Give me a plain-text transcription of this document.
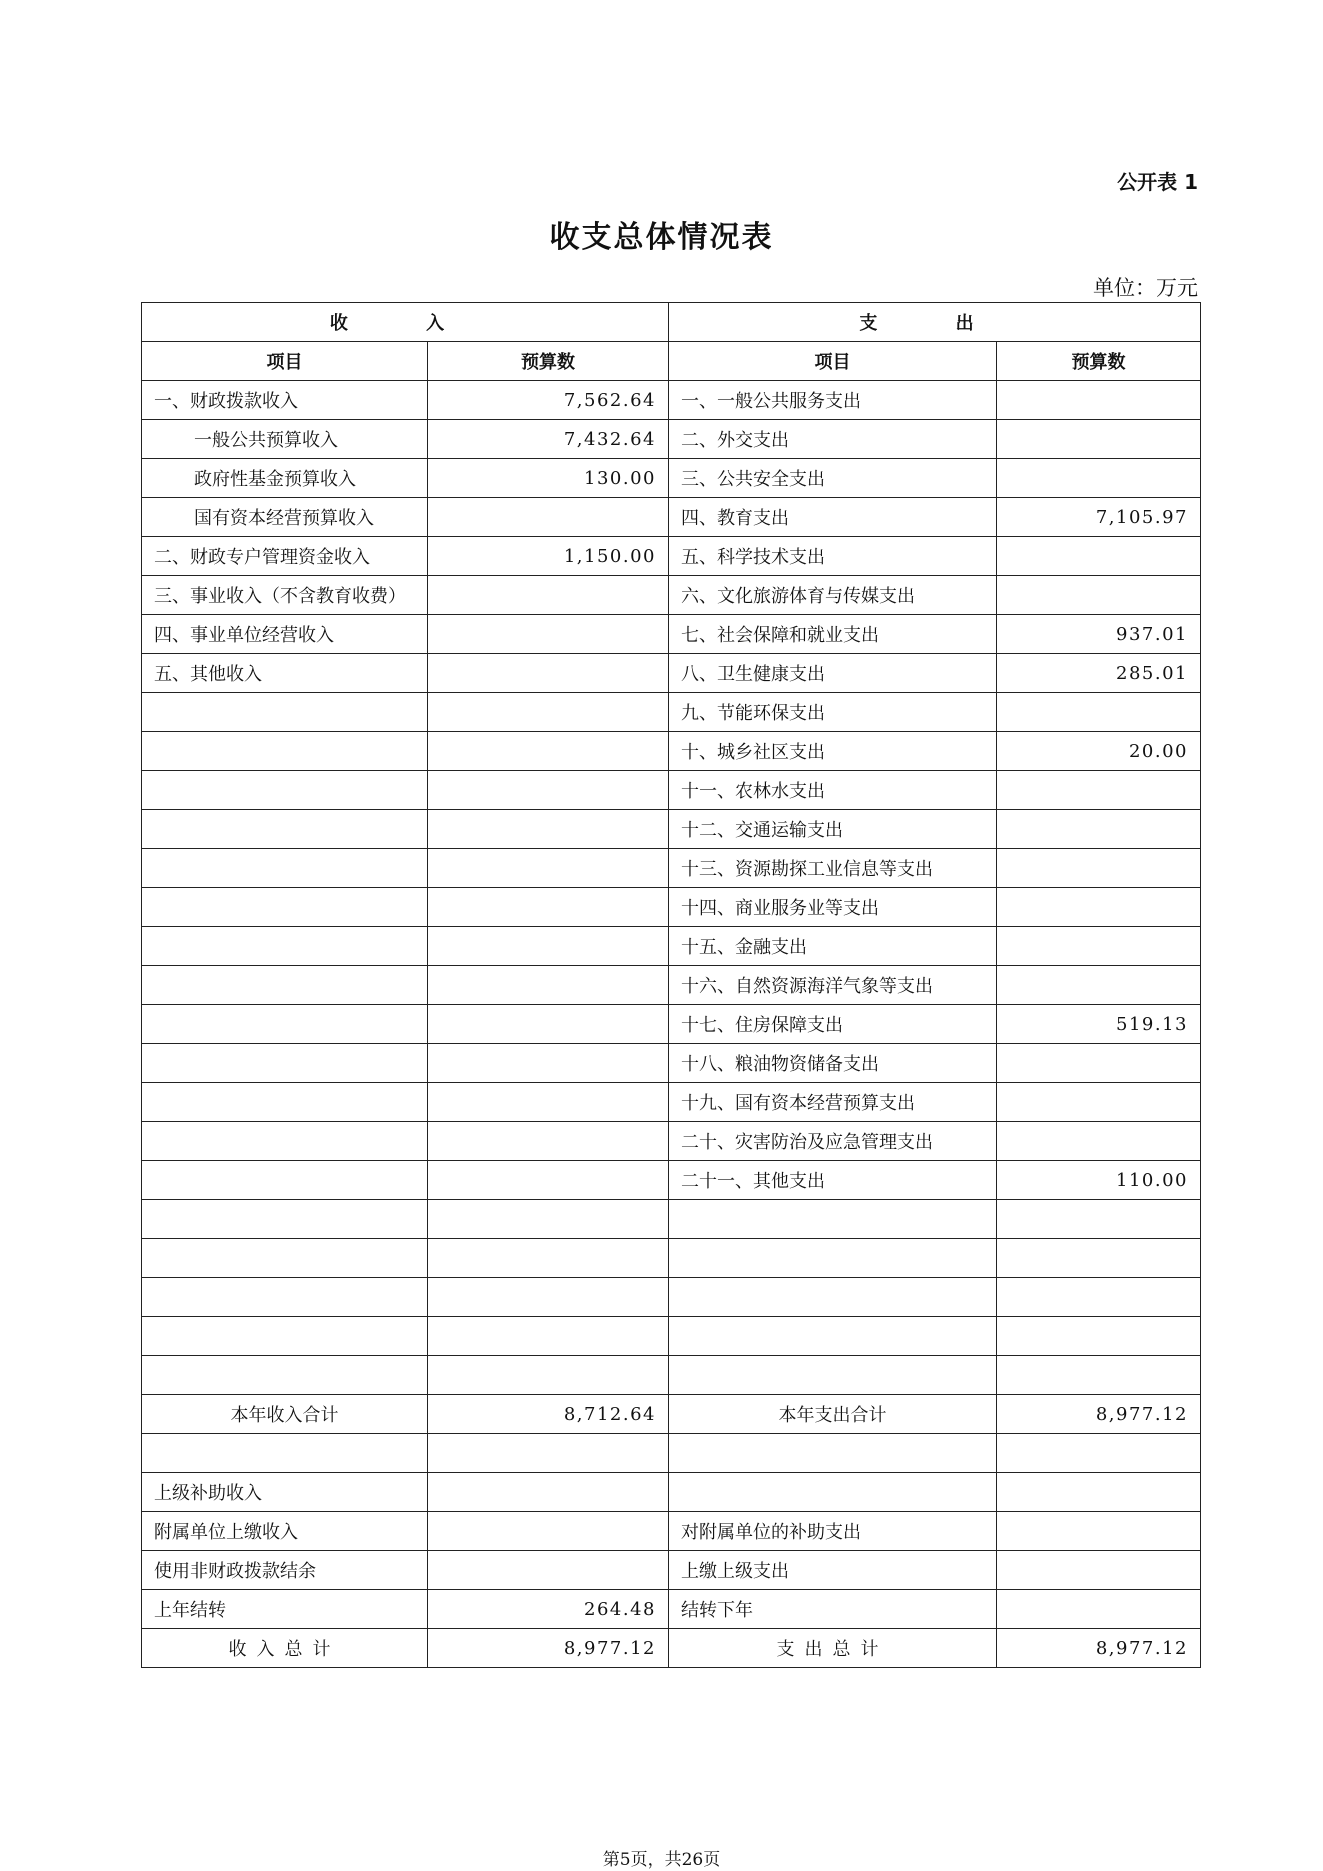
公开表 1
收支总体情况表
单位：万元
收 入		支 出	
项目	预算数	项目	预算数
一、财政拨款收入	7,562.64	一、一般公共服务支出	
一般公共预算收入	7,432.64	二、外交支出	
政府性基金预算收入	130.00	三、公共安全支出	
国有资本经营预算收入		四、教育支出	7,105.97
二、财政专户管理资金收入	1,150.00	五、科学技术支出	
三、事业收入（不含教育收费）		六、文化旅游体育与传媒支出	
四、事业单位经营收入		七、社会保障和就业支出	937.01
五、其他收入		八、卫生健康支出	285.01
		九、节能环保支出	
		十、城乡社区支出	20.00
		十一、农林水支出	
		十二、交通运输支出	
		十三、资源勘探工业信息等支出	
		十四、商业服务业等支出	
		十五、金融支出	
		十六、自然资源海洋气象等支出	
		十七、住房保障支出	519.13
		十八、粮油物资储备支出	
		十九、国有资本经营预算支出	
		二十、灾害防治及应急管理支出	
		二十一、其他支出	110.00

本年收入合计	8,712.64	本年支出合计	8,977.12

上级补助收入			
附属单位上缴收入		对附属单位的补助支出	
使用非财政拨款结余		上缴上级支出	
上年结转	264.48	结转下年	
收入总计	8,977.12	支出总计	8,977.12
第5页，共26页
